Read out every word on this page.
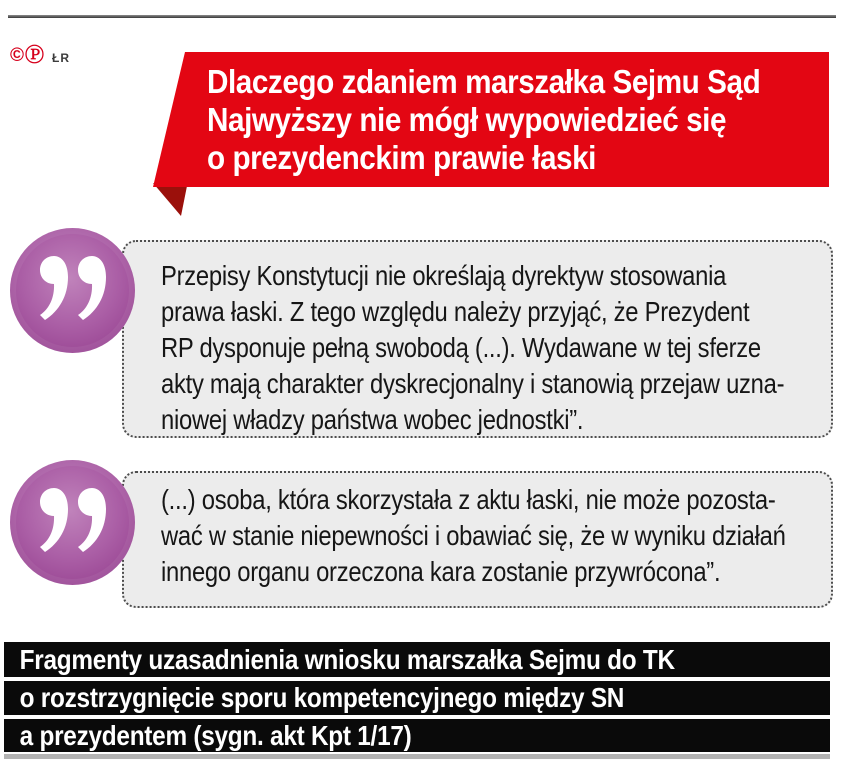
©Ⓟ ŁR
Dlaczego zdaniem marszałka Sejmu Sąd
Najwyższy nie mógł wypowiedzieć się
o prezydenckim prawie łaski
Przepisy Konstytucji nie określają dyrektyw stosowania
prawa łaski. Z tego względu należy przyjąć, że Prezydent
RP dysponuje pełną swobodą (...). Wydawane w tej sferze
akty mają charakter dyskrecjonalny i stanowią przejaw uzna-
niowej władzy państwa wobec jednostki”.
(...) osoba, która skorzystała z aktu łaski, nie może pozosta-
wać w stanie niepewności i obawiać się, że w wyniku działań
innego organu orzeczona kara zostanie przywrócona”.
Fragmenty uzasadnienia wniosku marszałka Sejmu do TK
o rozstrzygnięcie sporu kompetencyjnego między SN
a prezydentem (sygn. akt Kpt 1/17)
